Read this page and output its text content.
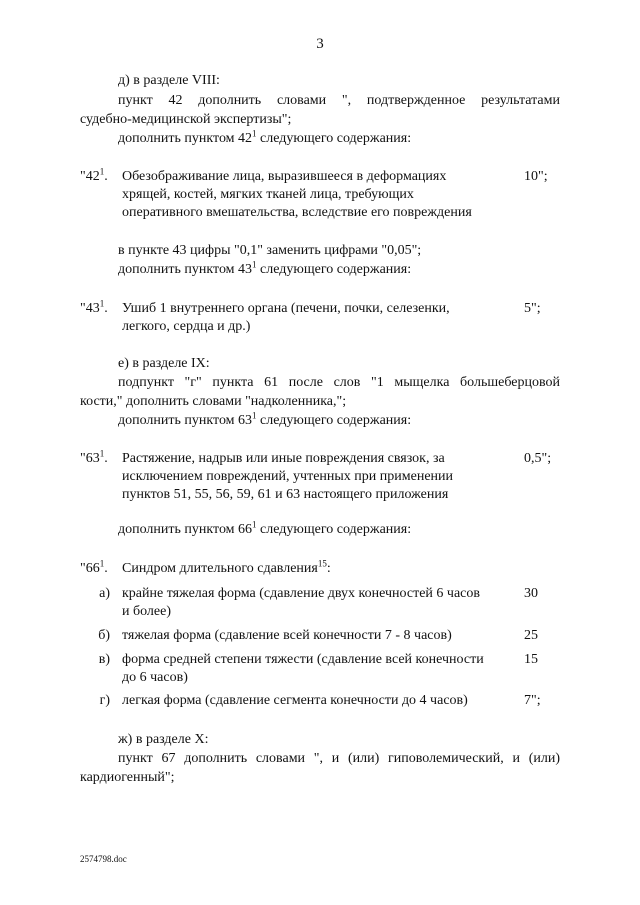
3
д) в разделе VIII:
пункт 42 дополнить словами ", подтвержденное результатами
судебно-медицинской экспертизы";
дополнить пунктом $42^1$ следующего содержания:
"$42^1$. Обезображивание лица, выразившееся в деформациях
хрящей, костей, мягких тканей лица, требующих
оперативного вмешательства, вследствие его повреждения
10";
в пункте 43 цифры "0,1" заменить цифрами "0,05";
дополнить пунктом $43^1$ следующего содержания:
"$43^1$. Ушиб 1 внутреннего органа (печени, почки, селезенки,
легкого, сердца и др.)
5";
е) в разделе IX:
подпункт "г" пункта 61 после слов "1 мыщелка большеберцовой
кости," дополнить словами "надколенника,";
дополнить пунктом $63^1$ следующего содержания:
"$63^1$. Растяжение, надрыв или иные повреждения связок, за
исключением повреждений, учтенных при применении
пунктов 51, 55, 56, 59, 61 и 63 настоящего приложения
0,5";
дополнить пунктом $66^1$ следующего содержания:
"$66^1$. Синдром длительного сдавления$^{15}$:
а) крайне тяжелая форма (сдавление двух конечностей 6 часов
и более)
30
б) тяжелая форма (сдавление всей конечности 7 - 8 часов)	25
в) форма средней степени тяжести (сдавление всей конечности
до 6 часов)
15
г) легкая форма (сдавление сегмента конечности до 4 часов)	7";
ж) в разделе X:
пункт 67 дополнить словами ", и (или) гиповолемический, и (или)
кардиогенный";
2574798.doc
